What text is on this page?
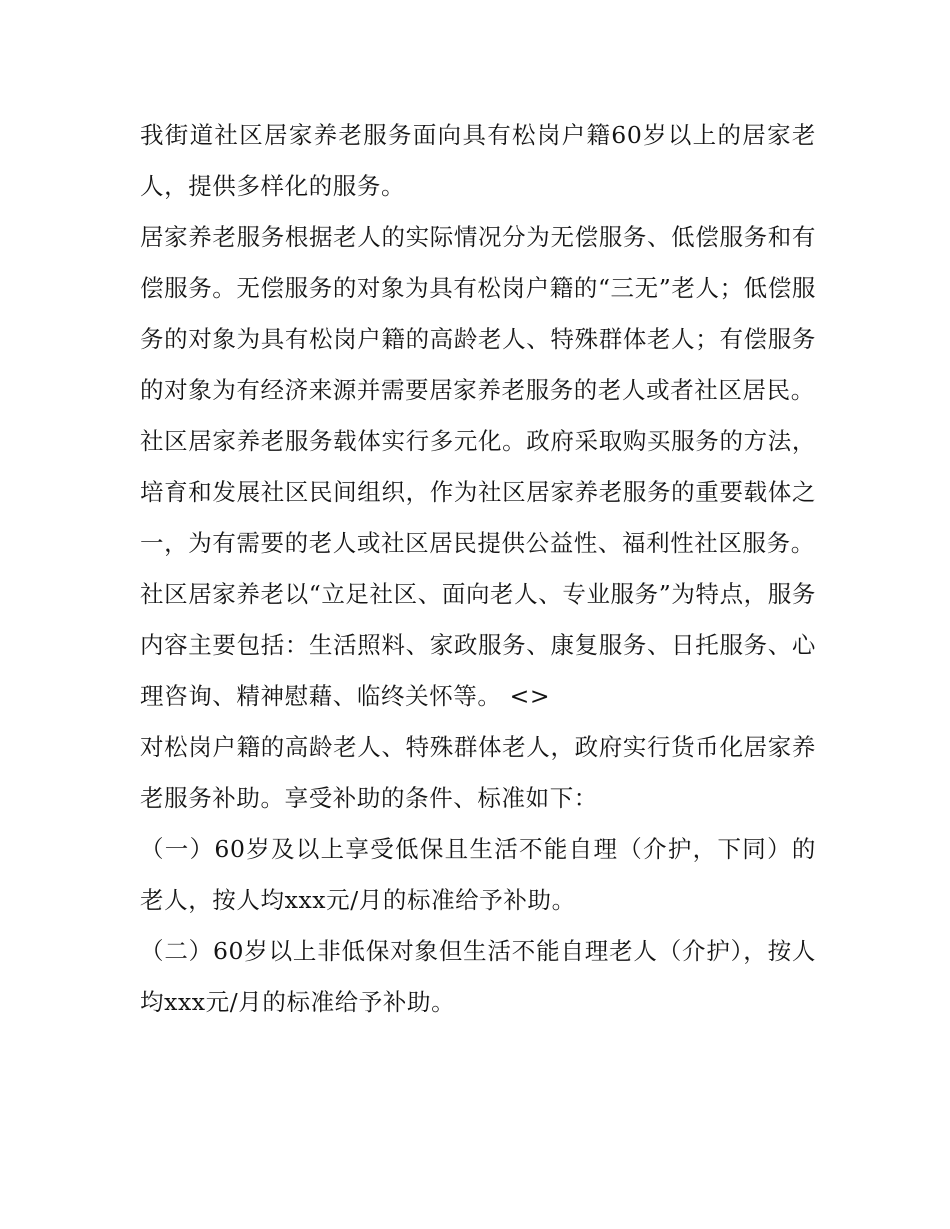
我街道社区居家养老服务面向具有松岗户籍60岁以上的居家老人，提供多样化的服务。

居家养老服务根据老人的实际情况分为无偿服务、低偿服务和有偿服务。无偿服务的对象为具有松岗户籍的“三无”老人；低偿服务的对象为具有松岗户籍的高龄老人、特殊群体老人；有偿服务的对象为有经济来源并需要居家养老服务的老人或者社区居民。

社区居家养老服务载体实行多元化。政府采取购买服务的方法，培育和发展社区民间组织，作为社区居家养老服务的重要载体之一，为有需要的老人或社区居民提供公益性、福利性社区服务。

社区居家养老以“立足社区、面向老人、专业服务”为特点，服务内容主要包括：生活照料、家政服务、康复服务、日托服务、心理咨询、精神慰藉、临终关怀等。 <>

对松岗户籍的高龄老人、特殊群体老人，政府实行货币化居家养老服务补助。享受补助的条件、标准如下：

（一）60岁及以上享受低保且生活不能自理（介护，下同）的老人，按人均xxx元/月的标准给予补助。

（二）60岁以上非低保对象但生活不能自理老人（介护），按人均xxx元/月的标准给予补助。
